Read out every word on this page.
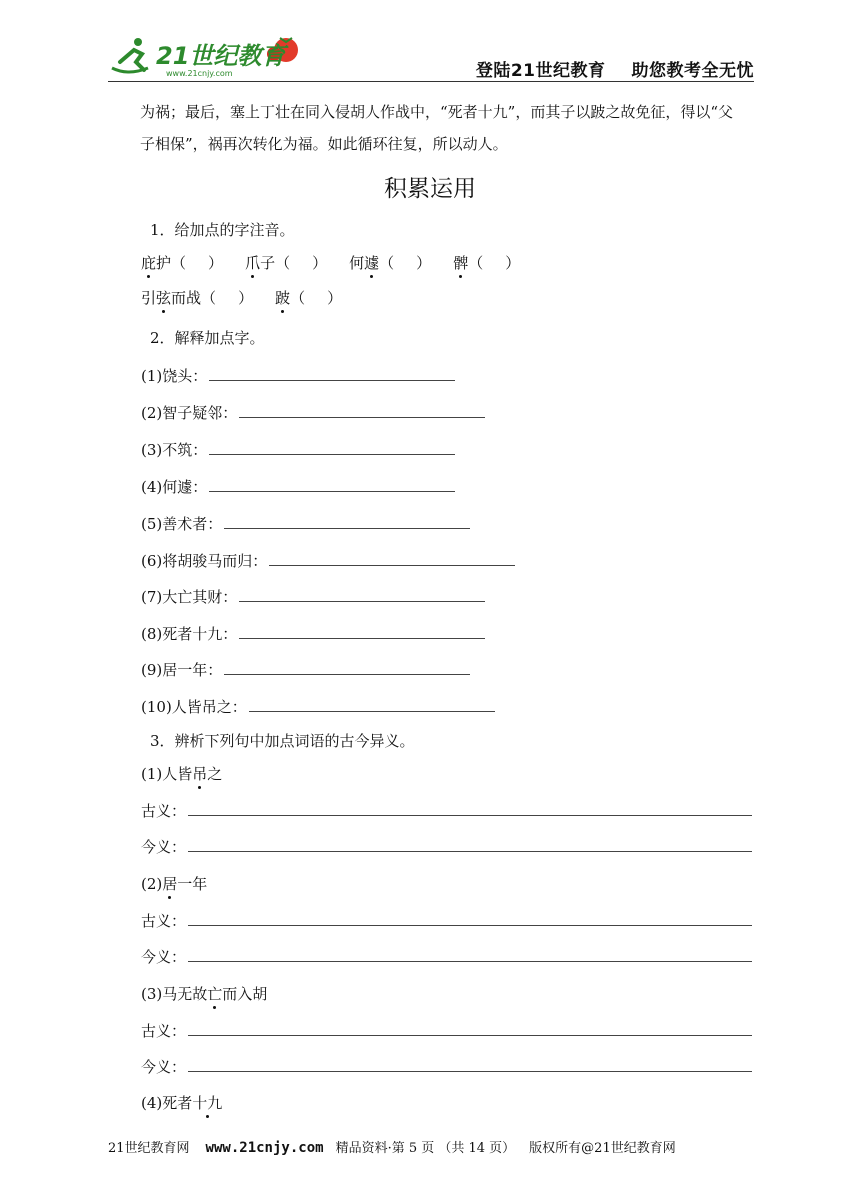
21世纪教育
www.21cnjy.com	登陆21世纪教育 助您教考全无忧
为祸；最后，塞上丁壮在同入侵胡人作战中，“死者十九”，而其子以跛之故免征，得以“父
子相保”，祸再次转化为福。如此循环往复，所以动人。
积累运用
1．给加点的字注音。
庇护（ ） 爪子（ ） 何遽（ ） 髀（ ）
引弦而战（ ） 跛（ ）
2．解释加点字。
(1)饶头：
(2)智子疑邻：
(3)不筑：
(4)何遽：
(5)善术者：
(6)将胡骏马而归：
(7)大亡其财：
(8)死者十九：
(9)居一年：
(10)人皆吊之：
3．辨析下列句中加点词语的古今异义。
(1)人皆吊之
古义：
今义：
(2)居一年
古义：
今义：
(3)马无故亡而入胡
古义：
今义：
(4)死者十九
21世纪教育网 www.21cnjy.com 精品资料·第 5 页 （共 14 页） 版权所有@21世纪教育网
